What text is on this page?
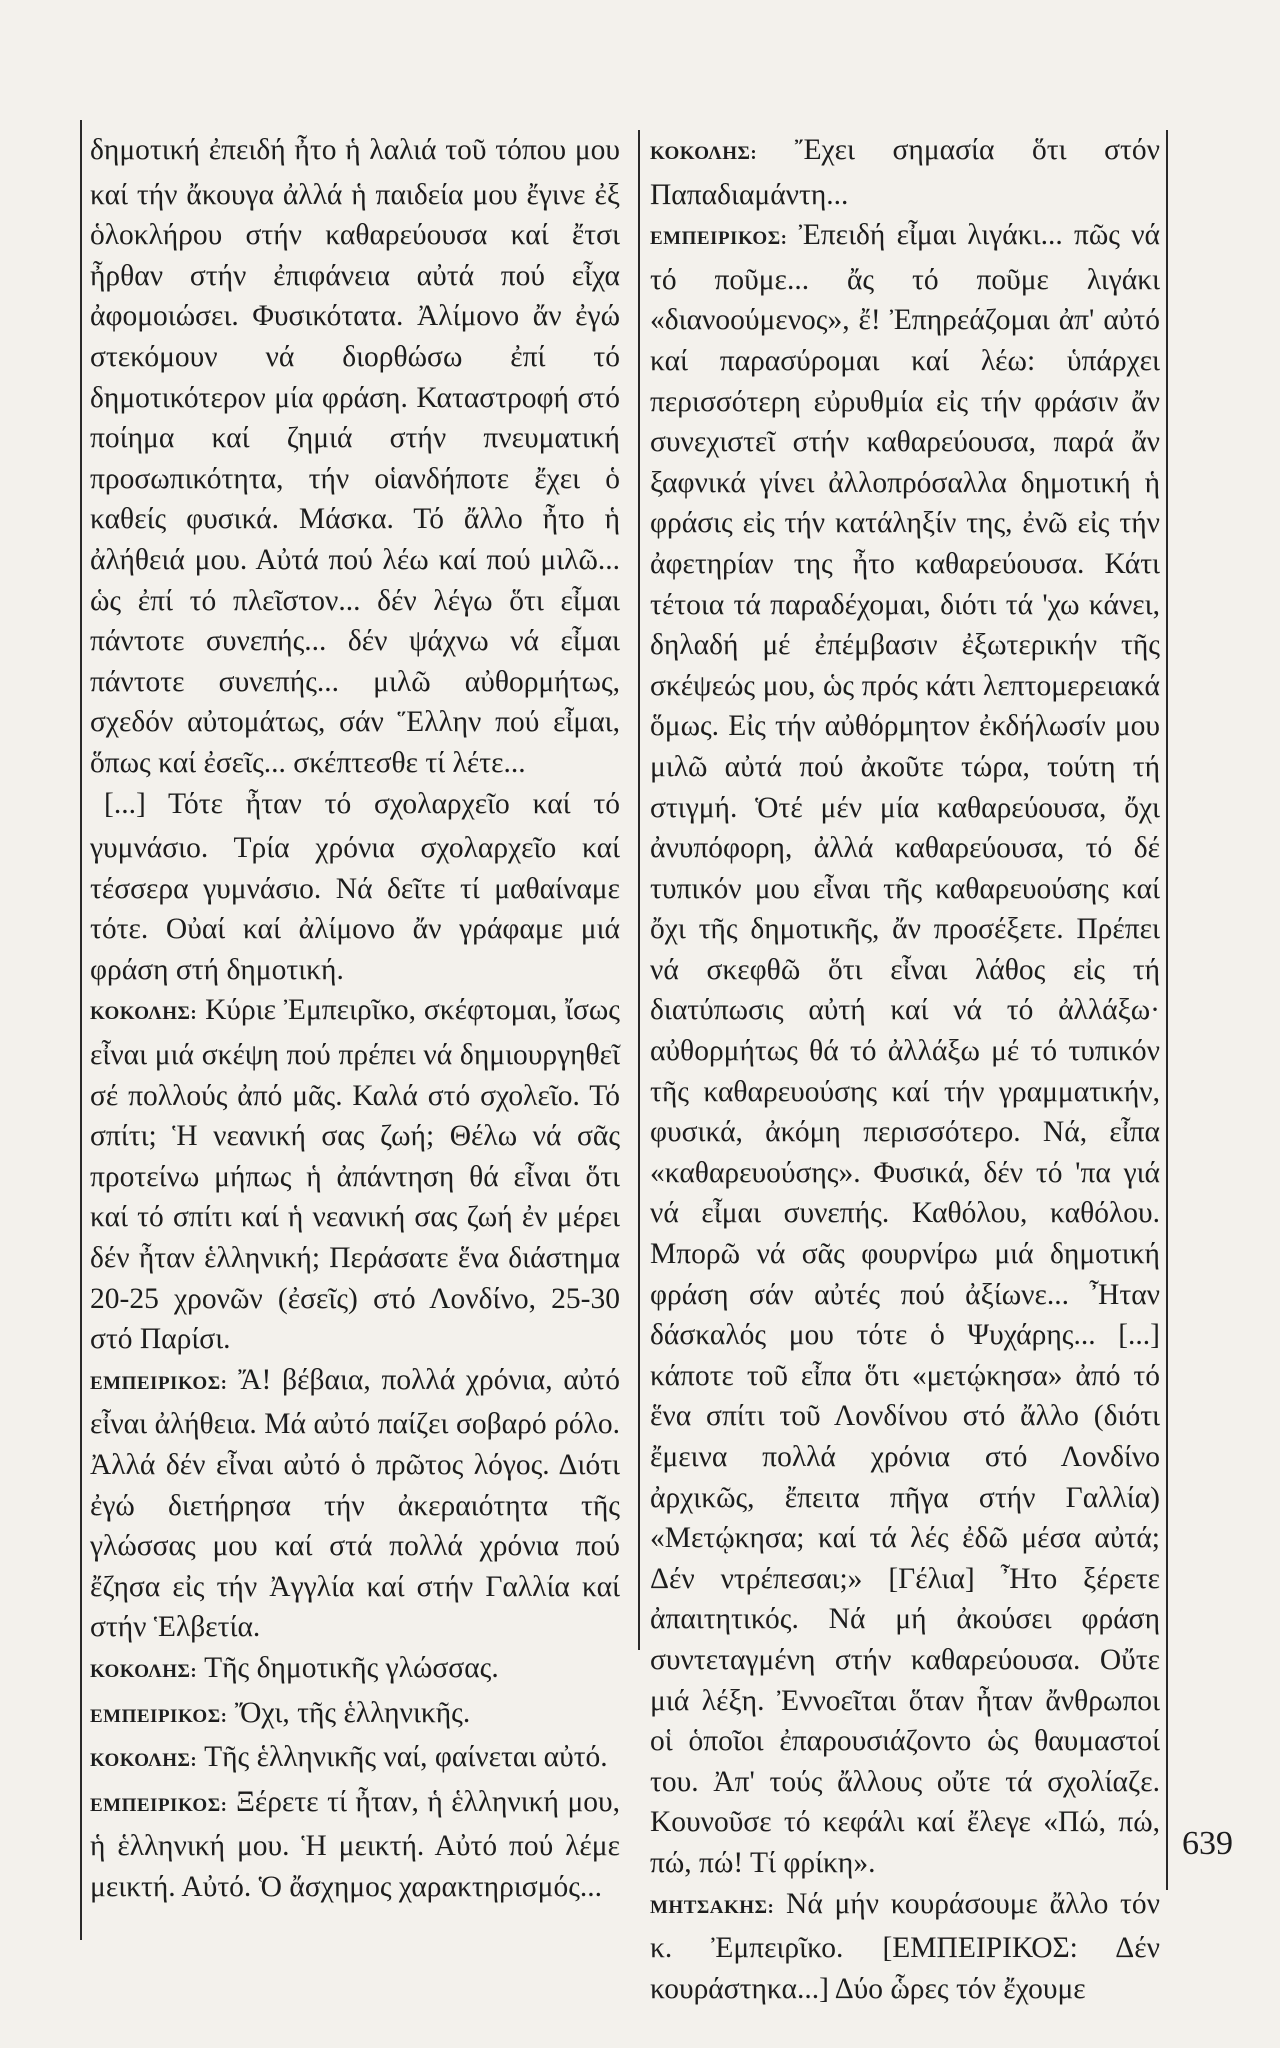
δημοτική ἐπειδή ἦτο ἡ λαλιά τοῦ τόπου μου καί τήν ἄκουγα ἀλλά ἡ παιδεία μου ἔγινε ἐξ ὁλοκλήρου στήν καθαρεύουσα καί ἔτσι ἦρθαν στήν ἐπιφάνεια αὐτά πού εἶχα ἀφομοιώσει. Φυσικότατα. Ἀλίμονο ἄν ἐγώ στεκόμουν νά διορθώσω ἐπί τό δημοτικότερον μία φράση. Καταστροφή στό ποίημα καί ζημιά στήν πνευματική προσωπικότητα, τήν οἱανδήποτε ἔχει ὁ καθείς φυσικά. Μάσκα. Τό ἄλλο ἦτο ἡ ἀλήθειά μου. Αὐτά πού λέω καί πού μιλῶ... ὡς ἐπί τό πλεῖστον... δέν λέγω ὅτι εἶμαι πάντοτε συνεπής... δέν ψάχνω νά εἶμαι πάντοτε συνεπής... μιλῶ αὐθορμήτως, σχεδόν αὐτομάτως, σάν Ἕλλην πού εἶμαι, ὅπως καί ἐσεῖς... σκέπτεσθε τί λέτε...

[...] Τότε ἦταν τό σχολαρχεῖο καί τό γυμνάσιο. Τρία χρόνια σχολαρχεῖο καί τέσσερα γυμνάσιο. Νά δεῖτε τί μαθαίναμε τότε. Οὐαί καί ἀλίμονο ἄν γράφαμε μιά φράση στή δημοτική.

ΚΟΚΟΛΗΣ: Κύριε Ἐμπειρῖκο, σκέφτομαι, ἴσως εἶναι μιά σκέψη πού πρέπει νά δημιουργηθεῖ σέ πολλούς ἀπό μᾶς. Καλά στό σχολεῖο. Τό σπίτι; Ἡ νεανική σας ζωή; Θέλω νά σᾶς προτείνω μήπως ἡ ἀπάντηση θά εἶναι ὅτι καί τό σπίτι καί ἡ νεανική σας ζωή ἐν μέρει δέν ἦταν ἑλληνική; Περάσατε ἕνα διάστημα 20-25 χρονῶν (ἐσεῖς) στό Λονδίνο, 25-30 στό Παρίσι.

ΕΜΠΕΙΡΙΚΟΣ: Ἄ! βέβαια, πολλά χρόνια, αὐτό εἶναι ἀλήθεια. Μά αὐτό παίζει σοβαρό ρόλο. Ἀλλά δέν εἶναι αὐτό ὁ πρῶτος λόγος. Διότι ἐγώ διετήρησα τήν ἀκεραιότητα τῆς γλώσσας μου καί στά πολλά χρόνια πού ἔζησα εἰς τήν Ἀγγλία καί στήν Γαλλία καί στήν Ἑλβετία.

ΚΟΚΟΛΗΣ: Τῆς δημοτικῆς γλώσσας.

ΕΜΠΕΙΡΙΚΟΣ: Ὄχι, τῆς ἑλληνικῆς.

ΚΟΚΟΛΗΣ: Τῆς ἑλληνικῆς ναί, φαίνεται αὐτό.

ΕΜΠΕΙΡΙΚΟΣ: Ξέρετε τί ἦταν, ἡ ἑλληνική μου, ἡ ἑλληνική μου. Ἡ μεικτή. Αὐτό πού λέμε μεικτή. Αὐτό. Ὁ ἄσχημος χαρακτηρισμός...

ΚΟΚΟΛΗΣ: Ἔχει σημασία ὅτι στόν Παπαδιαμάντη...

ΕΜΠΕΙΡΙΚΟΣ: Ἐπειδή εἶμαι λιγάκι... πῶς νά τό ποῦμε... ἄς τό ποῦμε λιγάκι «διανοούμενος», ἔ! Ἐπηρεάζομαι ἀπ' αὐτό καί παρασύρομαι καί λέω: ὑπάρχει περισσότερη εὐρυθμία εἰς τήν φράσιν ἄν συνεχιστεῖ στήν καθαρεύουσα, παρά ἄν ξαφνικά γίνει ἀλλοπρόσαλλα δημοτική ἡ φράσις εἰς τήν κατάληξίν της, ἐνῶ εἰς τήν ἀφετηρίαν της ἦτο καθαρεύουσα. Κάτι τέτοια τά παραδέχομαι, διότι τά 'χω κάνει, δηλαδή μέ ἐπέμβασιν ἐξωτερικήν τῆς σκέψεώς μου, ὡς πρός κάτι λεπτομερειακά ὅμως. Εἰς τήν αὐθόρμητον ἐκδήλωσίν μου μιλῶ αὐτά πού ἀκοῦτε τώρα, τούτη τή στιγμή. Ὁτέ μέν μία καθαρεύουσα, ὄχι ἀνυπόφορη, ἀλλά καθαρεύουσα, τό δέ τυπικόν μου εἶναι τῆς καθαρευούσης καί ὄχι τῆς δημοτικῆς, ἄν προσέξετε. Πρέπει νά σκεφθῶ ὅτι εἶναι λάθος εἰς τή διατύπωσις αὐτή καί νά τό ἀλλάξω· αὐθορμήτως θά τό ἀλλάξω μέ τό τυπικόν τῆς καθαρευούσης καί τήν γραμματικήν, φυσικά, ἀκόμη περισσότερο. Νά, εἶπα «καθαρευούσης». Φυσικά, δέν τό 'πα γιά νά εἶμαι συνεπής. Καθόλου, καθόλου. Μπορῶ νά σᾶς φουρνίρω μιά δημοτική φράση σάν αὐτές πού ἀξίωνε... Ἦταν δάσκαλός μου τότε ὁ Ψυχάρης... [...] κάποτε τοῦ εἶπα ὅτι «μετῴκησα» ἀπό τό ἕνα σπίτι τοῦ Λονδίνου στό ἄλλο (διότι ἔμεινα πολλά χρόνια στό Λονδίνο ἀρχικῶς, ἔπειτα πῆγα στήν Γαλλία) «Μετῴκησα; καί τά λές ἐδῶ μέσα αὐτά; Δέν ντρέπεσαι;» [Γέλια] Ἦτο ξέρετε ἀπαιτητικός. Νά μή ἀκούσει φράση συντεταγμένη στήν καθαρεύουσα. Οὔτε μιά λέξη. Ἐννοεῖται ὅταν ἦταν ἄνθρωποι οἱ ὁποῖοι ἐπαρουσιάζοντο ὡς θαυμαστοί του. Ἀπ' τούς ἄλλους οὔτε τά σχολίαζε. Κουνοῦσε τό κεφάλι καί ἔλεγε «Πώ, πώ, πώ, πώ! Τί φρίκη».

ΜΗΤΣΑΚΗΣ: Νά μήν κουράσουμε ἄλλο τόν κ. Ἐμπειρῖκο. [ΕΜΠΕΙΡΙΚΟΣ: Δέν κουράστηκα...] Δύο ὧρες τόν ἔχουμε

639
